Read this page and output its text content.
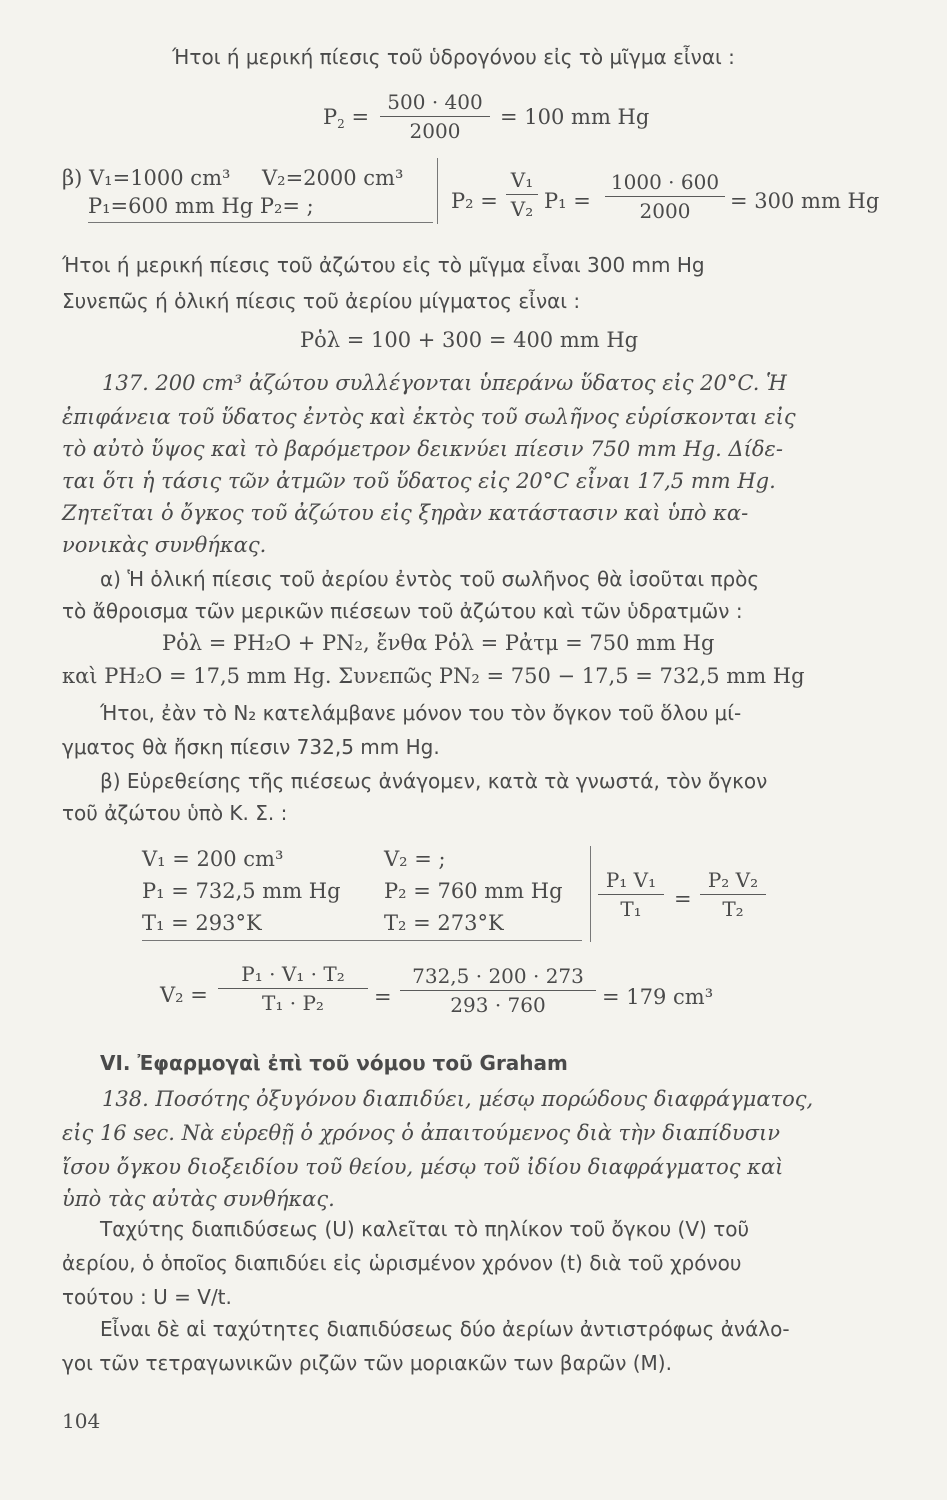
Ήτοι ή μερική πίεσις τοῦ ὑδρογόνου εἰς τὸ μῖγμα εἶναι :
$P_2$ =
500 · 400
2000
= 100 mm Hg
β) V₁=1000 cm³ V₂=2000 cm³
P₁=600 mm Hg P₂= ;	P₂ =
V₁
V₂ P₁ =
1000 · 600
2000	= 300 mm Hg
Ήτοι ή μερική πίεσις τοῦ ἀζώτου εἰς τὸ μῖγμα εἶναι 300 mm Hg
Συνεπῶς ή ὁλική πίεσις τοῦ ἀερίου μίγματος εἶναι :
Pὁλ = 100 + 300 = 400 mm Hg
137. 200 cm³ ἀζώτου συλλέγονται ὑπεράνω ὕδατος εἰς 20°C. Ἡ
ἐπιφάνεια τοῦ ὕδατος ἐντὸς καὶ ἐκτὸς τοῦ σωλῆνος εὑρίσκονται εἰς
τὸ αὐτὸ ὕψος καὶ τὸ βαρόμετρον δεικνύει πίεσιν 750 mm Hg. Δίδε-
ται ὅτι ἡ τάσις τῶν ἀτμῶν τοῦ ὕδατος εἰς 20°C εἶναι 17,5 mm Hg.
Ζητεῖται ὁ ὄγκος τοῦ ἀζώτου εἰς ξηρὰν κατάστασιν καὶ ὑπὸ κα-
νονικὰς συνθήκας.
α) Ἡ ὁλική πίεσις τοῦ ἀερίου ἐντὸς τοῦ σωλῆνος θὰ ἰσοῦται πρὸς
τὸ ἄθροισμα τῶν μερικῶν πιέσεων τοῦ ἀζώτου καὶ τῶν ὑδρατμῶν :
Pὁλ = PH₂O + PN₂, ἔνθα Pὁλ = Pἀτμ = 750 mm Hg
καὶ PH₂O = 17,5 mm Hg. Συνεπῶς PN₂ = 750 − 17,5 = 732,5 mm Hg
Ήτοι, ἐὰν τὸ N₂ κατελάμβανε μόνον του τὸν ὄγκον τοῦ ὅλου μί-
γματος θὰ ἤσκη πίεσιν 732,5 mm Hg.
β) Εὑρεθείσης τῆς πιέσεως ἀνάγομεν, κατὰ τὰ γνωστά, τὸν ὄγκον
τοῦ ἀζώτου ὑπὸ Κ. Σ. :
V₁ = 200 cm³	V₂ = ;
P₁ = 732,5 mm Hg P₂ = 760 mm Hg
T₁ = 293°K	T₂ = 273°K
P₁ V₁
T₁	=
P₂ V₂
T₂
V₂ =
P₁ · V₁ · T₂
T₁ · P₂	=
732,5 · 200 · 273
293 · 760	= 179 cm³
VI. Ἐφαρμογαὶ ἐπὶ τοῦ νόμου τοῦ Graham
138. Ποσότης ὀξυγόνου διαπιδύει, μέσῳ πορώδους διαφράγματος,
εἰς 16 sec. Νὰ εὑρεθῇ ὁ χρόνος ὁ ἀπαιτούμενος διὰ τὴν διαπίδυσιν
ἴσου ὄγκου διοξειδίου τοῦ θείου, μέσῳ τοῦ ἰδίου διαφράγματος καὶ
ὑπὸ τὰς αὐτὰς συνθήκας.
Ταχύτης διαπιδύσεως (U) καλεῖται τὸ πηλίκον τοῦ ὄγκου (V) τοῦ
ἀερίου, ὁ ὁποῖος διαπιδύει εἰς ὡρισμένον χρόνον (t) διὰ τοῦ χρόνου
τούτου : U = V/t.
Εἶναι δὲ αἱ ταχύτητες διαπιδύσεως δύο ἀερίων ἀντιστρόφως ἀνάλο-
γοι τῶν τετραγωνικῶν ριζῶν τῶν μοριακῶν των βαρῶν (M).
104
